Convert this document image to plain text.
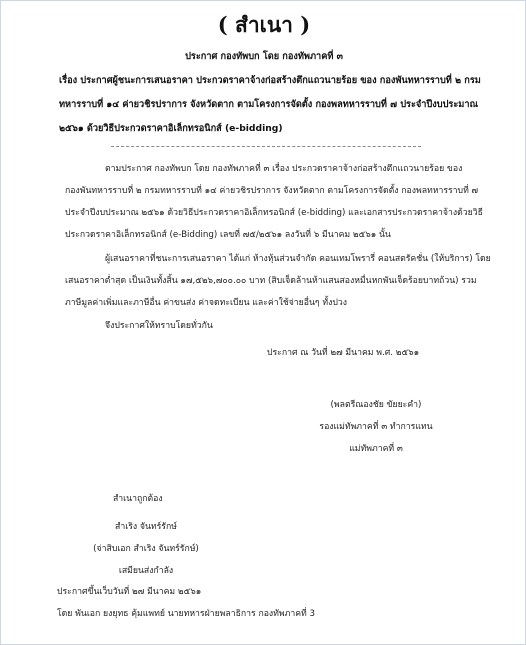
( สำเนา )
ประกาศ กองทัพบก โดย กองทัพภาคที่ ๓
เรื่อง ประกาศผู้ชนะการเสนอราคา ประกวดราคาจ้างก่อสร้างตึกแถวนายร้อย ของ กองพันทหารราบที่ ๒ กรม
ทหารราบที่ ๑๔ ค่ายวชิรปราการ จังหวัดตาก ตามโครงการจัดตั้ง กองพลทหารราบที่ ๗ ประจำปีงบประมาณ
๒๕๖๑ ด้วยวิธีประกวดราคาอิเล็กทรอนิกส์ (e-bidding)
ตามประกาศ กองทัพบก โดย กองทัพภาคที่ ๓ เรื่อง ประกวดราคาจ้างก่อสร้างตึกแถวนายร้อย ของ
กองพันทหารราบที่ ๒ กรมทหารราบที่ ๑๔ ค่ายวชิรปราการ จังหวัดตาก ตามโครงการจัดตั้ง กองพลทหารราบที่ ๗
ประจำปีงบประมาณ ๒๕๖๑ ด้วยวิธีประกวดราคาอิเล็กทรอนิกส์ (e-bidding) และเอกสารประกวดราคาจ้างด้วยวิธี
ประกวดราคาอิเล็กทรอนิกส์ (e-Bidding) เลขที่ ๗๕/๒๕๖๑ ลงวันที่ ๖ มีนาคม ๒๕๖๑ นั้น
ผู้เสนอราคาที่ชนะการเสนอราคา ได้แก่ ห้างหุ้นส่วนจำกัด คอนเทมโพรารี่ คอนสตรัคชั่น (ให้บริการ) โดย
เสนอราคาต่ำสุด เป็นเงินทั้งสิ้น ๑๗,๕๒๖,๗๐๐.๐๐ บาท (สิบเจ็ดล้านห้าแสนสองหมื่นหกพันเจ็ดร้อยบาทถ้วน) รวม
ภาษีมูลค่าเพิ่มและภาษีอื่น ค่าขนส่ง ค่าจดทะเบียน และค่าใช้จ่ายอื่นๆ ทั้งปวง
จึงประกาศให้ทราบโดยทั่วกัน
ประกาศ ณ วันที่ ๒๗ มีนาคม พ.ศ. ๒๕๖๑
(พลตรีณองชัย ขัยยะคำ)
รองแม่ทัพภาคที่ ๓ ทำการแทน
แม่ทัพภาคที่ ๓
สำเนาถูกต้อง
สำเริง จันทร์รักษ์
(จ่าสิบเอก สำเริง จันทร์รักษ์)
เสมียนส่งกำลัง
ประกาศขึ้นเว็บวันที่ ๒๗ มีนาคม ๒๕๖๑
โดย พันเอก ยงยุทธ คุ้มแพทย์ นายทหารฝ่ายพลาธิการ กองทัพภาคที่ 3
